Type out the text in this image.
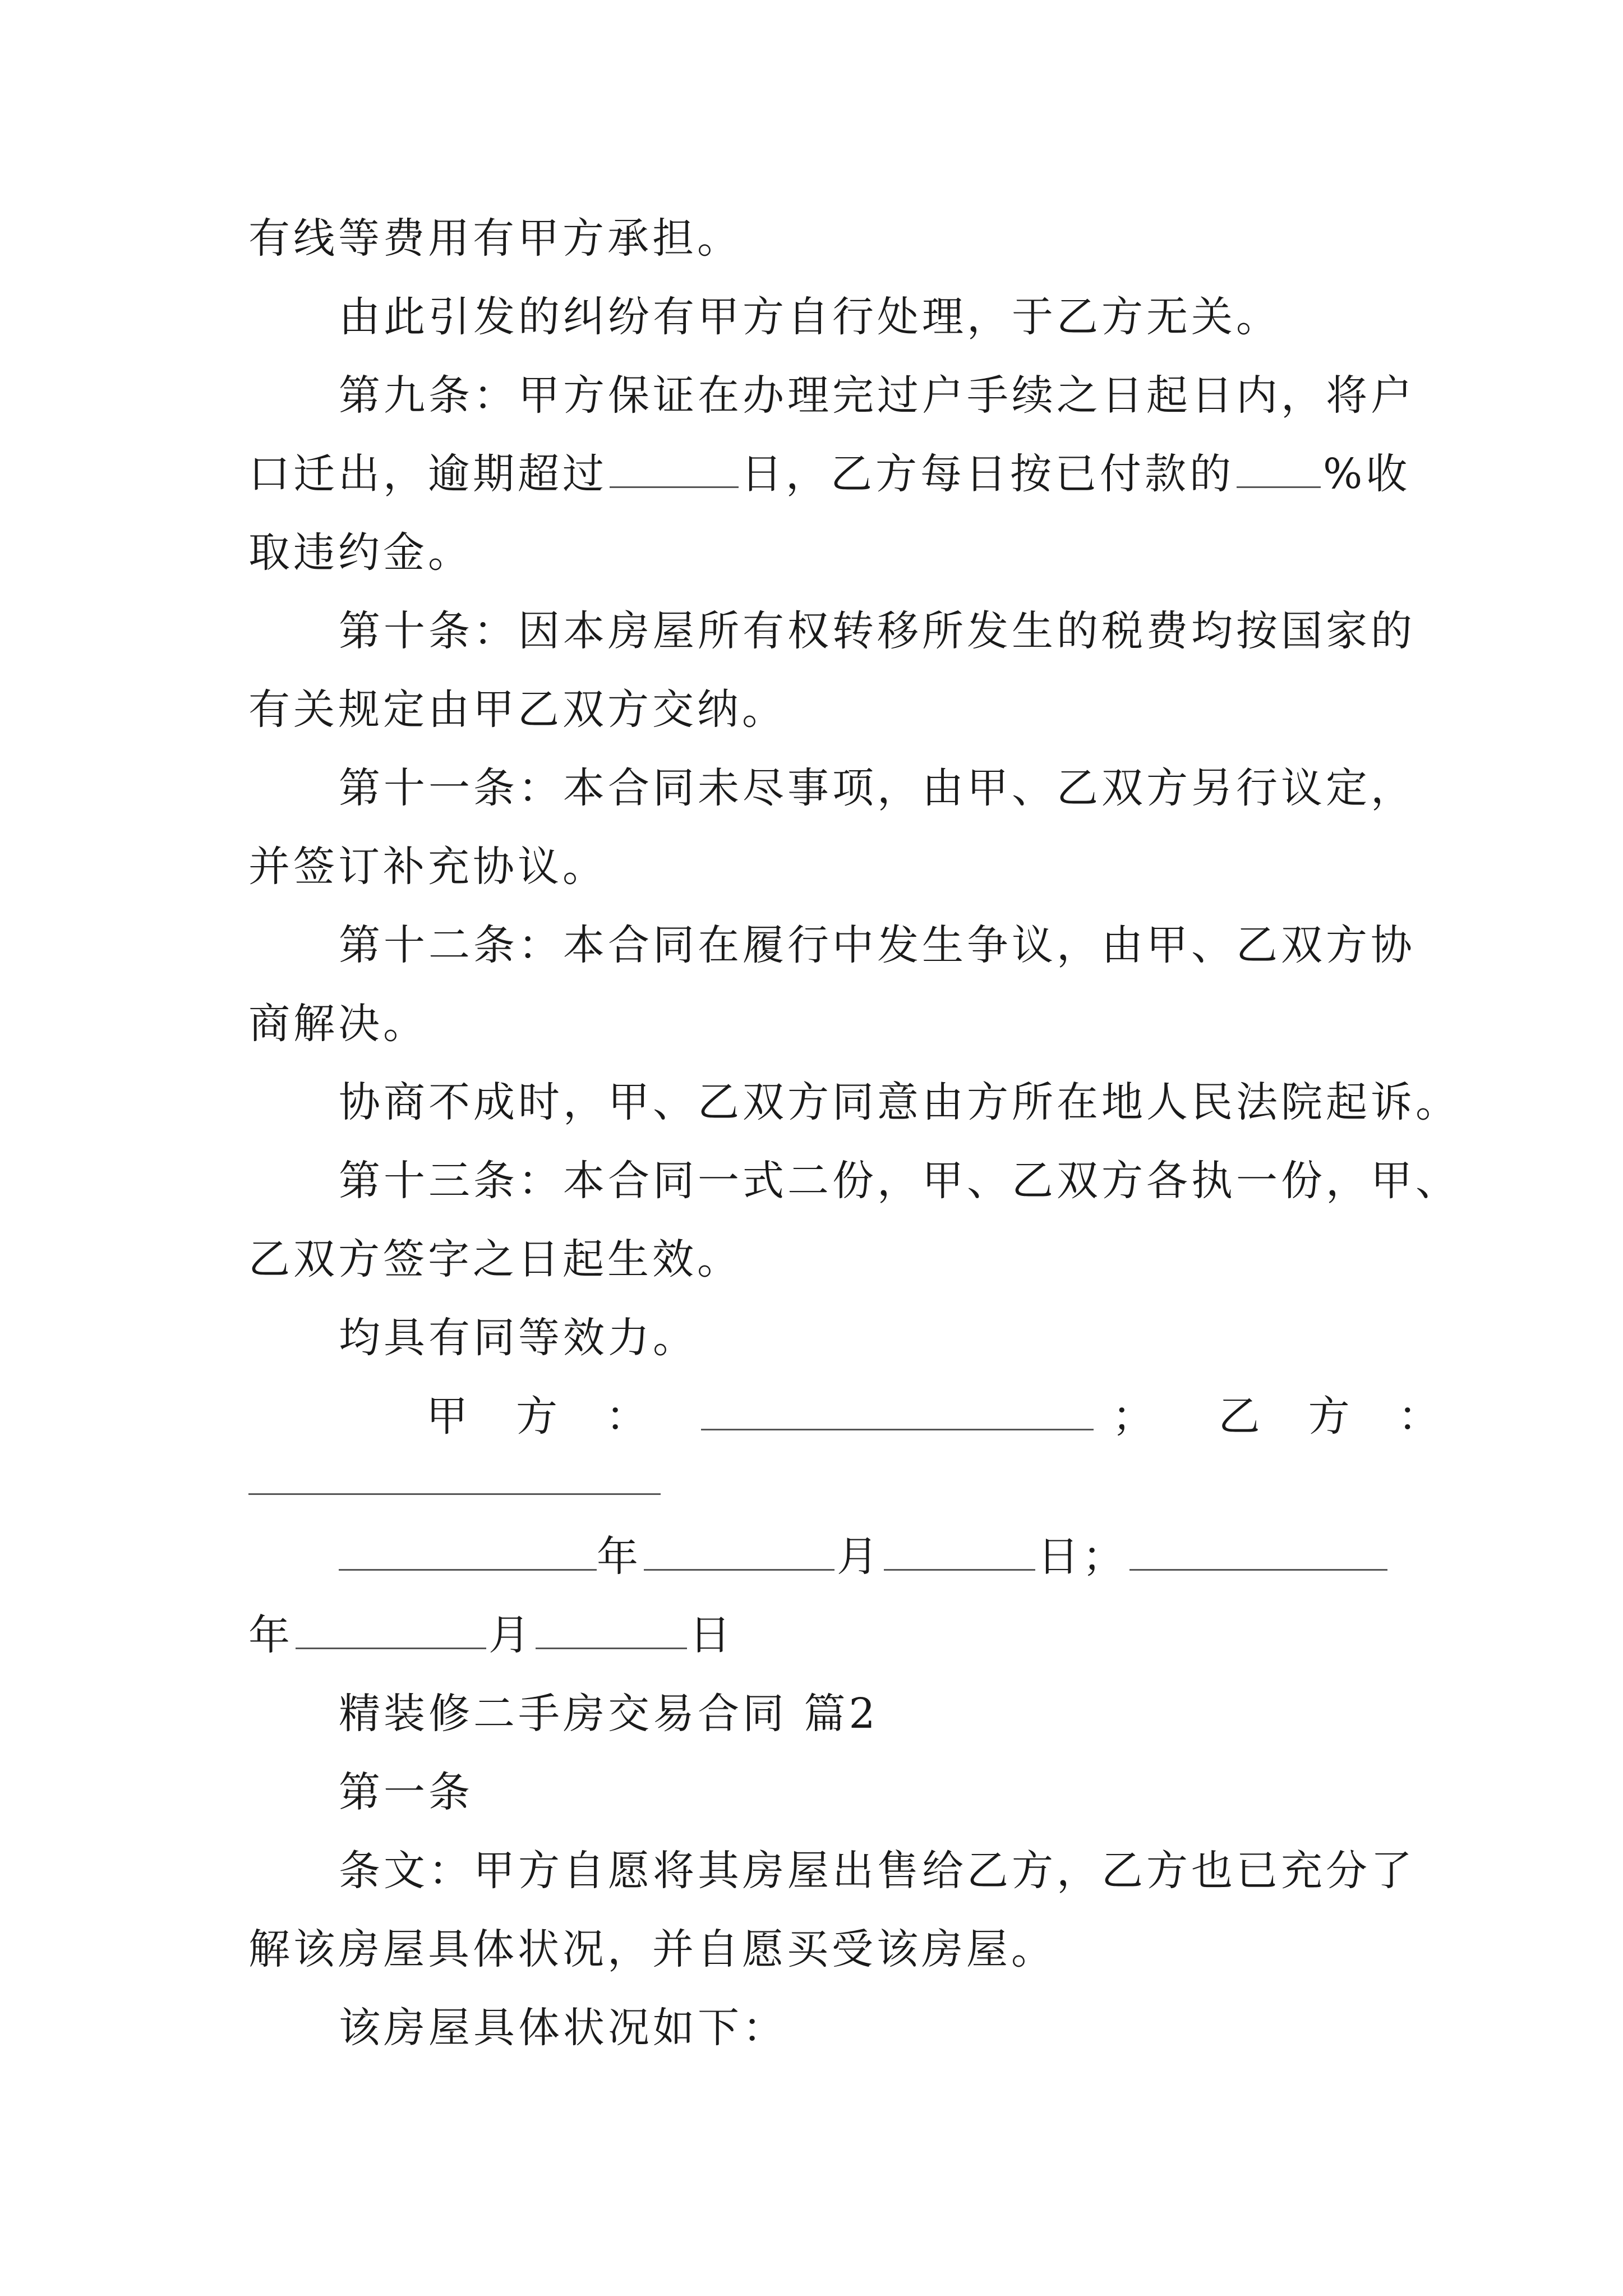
有线等费用有甲方承担。
由此引发的纠纷有甲方自行处理，于乙方无关。
第九条：甲方保证在办理完过户手续之日起日内，将户
口迁出，逾期超过	日，乙方每日按已付款的 %收
取违约金。
第十条：因本房屋所有权转移所发生的税费均按国家的
有关规定由甲乙双方交纳。
第十一条：本合同未尽事项，由甲、乙双方另行议定，
并签订补充协议。
第十二条：本合同在履行中发生争议，由甲、乙双方协
商解决。
协商不成时，甲、乙双方同意由方所在地人民法院起诉。
第十三条：本合同一式二份，甲、乙双方各执一份，甲、
乙双方签字之日起生效。
均具有同等效力。
甲　方　：	； 乙　方　：
年	月	日；
年	月	日
精装修二手房交易合同 篇2
第一条
条文：甲方自愿将其房屋出售给乙方，乙方也已充分了
解该房屋具体状况，并自愿买受该房屋。
该房屋具体状况如下：
